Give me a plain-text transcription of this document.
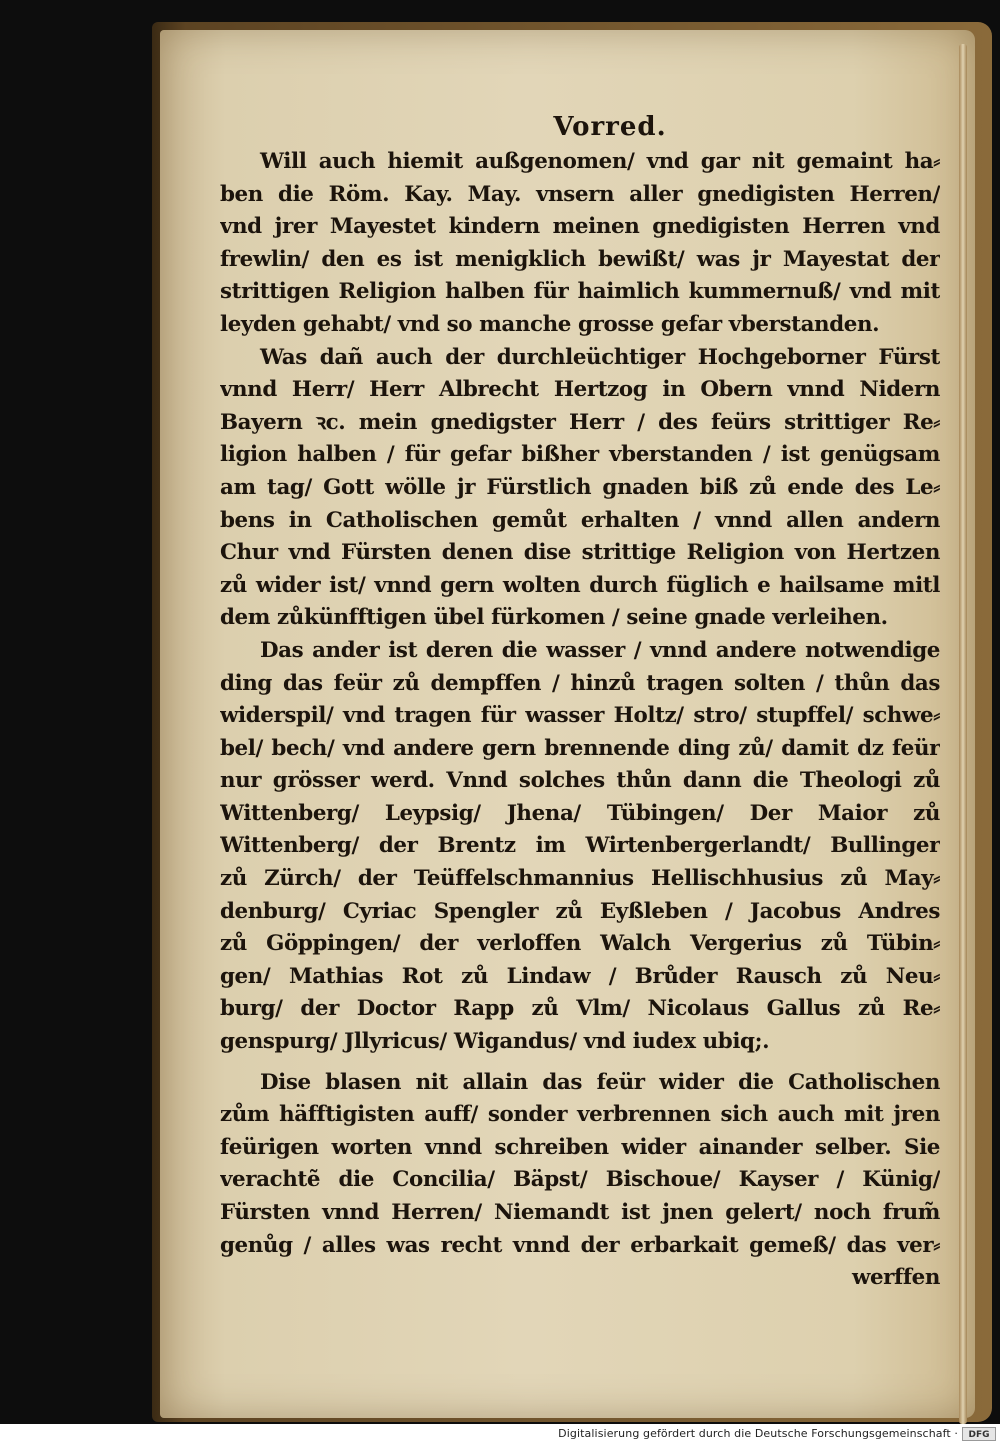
Vorred.
Will auch hiemit außgenomen/ vnd gar nit gemaint ha⸗
ben die Röm. Kay. May. vnsern aller gnedigisten Herren/
vnd jrer Mayestet kindern meinen gnedigisten Herren vnd
frewlin/ den es ist menigklich bewißt/ was jr Mayestat der
strittigen Religion halben für haimlich kummernuß/ vnd mit
leyden gehabt/ vnd so manche grosse gefar vberstanden.
Was dañ auch der durchleüchtiger Hochgeborner Fürst
vnnd Herr/ Herr Albrecht Hertzog in Obern vnnd Nidern
Bayern ꝛc. mein gnedigster Herr / des feürs strittiger Re⸗
ligion halben / für gefar bißher vberstanden / ist genügsam
am tag/ Gott wölle jr Fürstlich gnaden biß zů ende des Le⸗
bens in Catholischen gemůt erhalten / vnnd allen andern
Chur vnd Fürsten denen dise strittige Religion von Hertzen
zů wider ist/ vnnd gern wolten durch füglich e hailsame mitl
dem zůkünfftigen übel fürkomen / seine gnade verleihen.
Das ander ist deren die wasser / vnnd andere notwendige
ding das feür zů dempffen / hinzů tragen solten / thůn das
widerspil/ vnd tragen für wasser Holtz/ stro/ stupffel/ schwe⸗
bel/ bech/ vnd andere gern brennende ding zů/ damit dz feür
nur grösser werd. Vnnd solches thůn dann die Theologi zů
Wittenberg/ Leypsig/ Jhena/ Tübingen/ Der Maior zů
Wittenberg/ der Brentz im Wirtenbergerlandt/ Bullinger
zů Zürch/ der Teüffelschmannius Hellischhusius zů May⸗
denburg/ Cyriac Spengler zů Eyßleben / Jacobus Andres
zů Göppingen/ der verloffen Walch Vergerius zů Tübin⸗
gen/ Mathias Rot zů Lindaw / Brůder Rausch zů Neu⸗
burg/ der Doctor Rapp zů Vlm/ Nicolaus Gallus zů Re⸗
genspurg/ Jllyricus/ Wigandus/ vnd iudex ubiq;.
Dise blasen nit allain das feür wider die Catholischen
zům häfftigisten auff/ sonder verbrennen sich auch mit jren
feürigen worten vnnd schreiben wider ainander selber. Sie
verachtẽ die Concilia/ Bäpst/ Bischoue/ Kayser / Künig/
Fürsten vnnd Herren/ Niemandt ist jnen gelert/ noch frum̃
genůg / alles was recht vnnd der erbarkait gemeß/ das ver⸗
werffen
Digitalisierung gefördert durch die Deutsche Forschungsgemeinschaft ·	DFG
